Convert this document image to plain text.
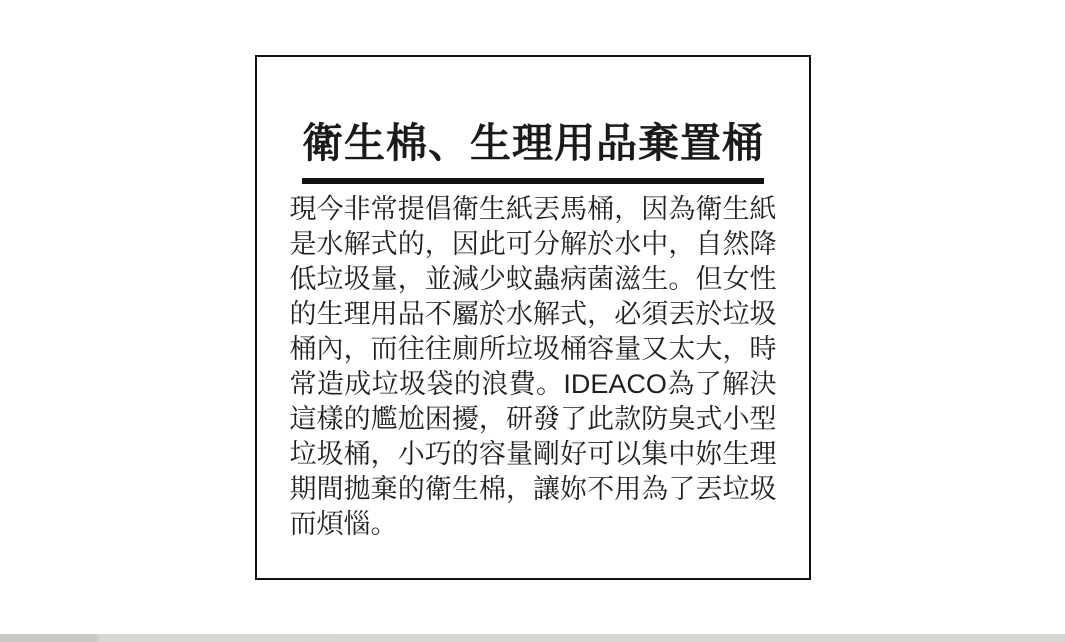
衛生棉、生理用品棄置桶

現今非常提倡衛生紙丟馬桶，因為衛生紙是水解式的，因此可分解於水中，自然降低垃圾量，並減少蚊蟲病菌滋生。但女性的生理用品不屬於水解式，必須丟於垃圾桶內，而往往廁所垃圾桶容量又太大，時常造成垃圾袋的浪費。IDEACO為了解決這樣的尷尬困擾，研發了此款防臭式小型垃圾桶，小巧的容量剛好可以集中妳生理期間拋棄的衛生棉，讓妳不用為了丟垃圾而煩惱。
